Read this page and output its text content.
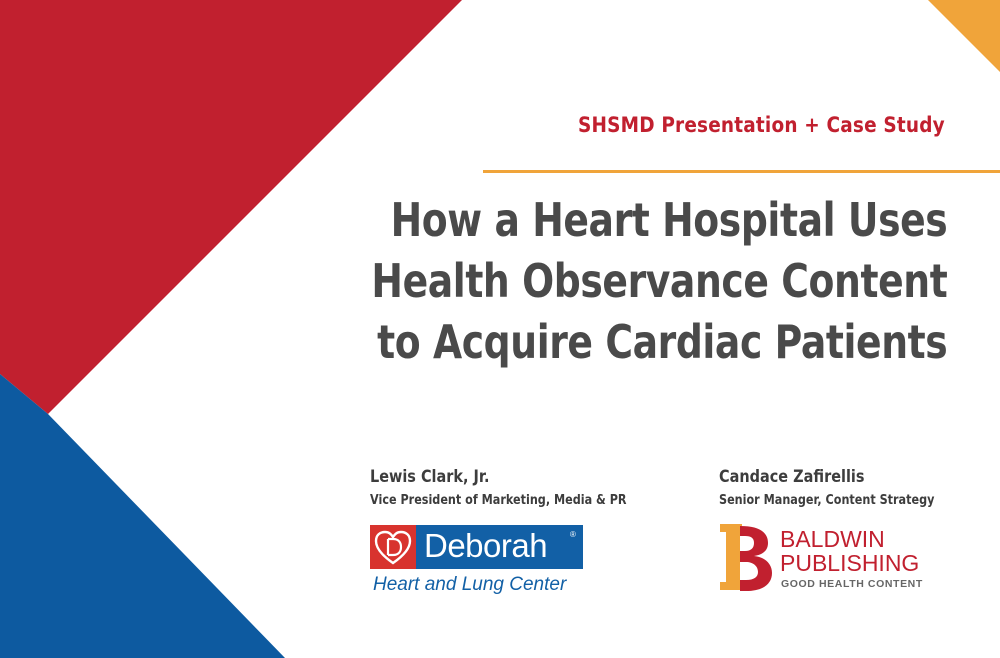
SHSMD Presentation + Case Study
How a Heart Hospital Uses
Health Observance Content
to Acquire Cardiac Patients
Lewis Clark, Jr.
Vice President of Marketing, Media & PR
Candace Zafirellis
Senior Manager, Content Strategy
Deborah	®
Heart and Lung Center
BALDWIN
PUBLISHING
GOOD HEALTH CONTENT
